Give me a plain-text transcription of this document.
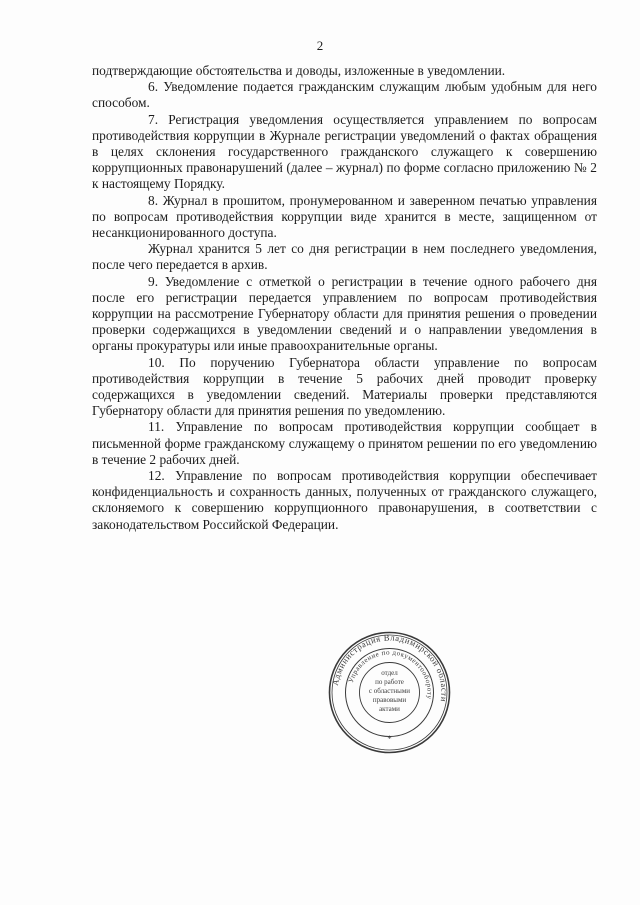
2

подтверждающие обстоятельства и доводы, изложенные в уведомлении.

6. Уведомление подается гражданским служащим любым удобным для него способом.

7. Регистрация уведомления осуществляется управлением по вопросам противодействия коррупции в Журнале регистрации уведомлений о фактах обращения в целях склонения государственного гражданского служащего к совершению коррупционных правонарушений (далее – журнал) по форме согласно приложению № 2 к настоящему Порядку.

8. Журнал в прошитом, пронумерованном и заверенном печатью управления по вопросам противодействия коррупции виде хранится в месте, защищенном от несанкционированного доступа.

Журнал хранится 5 лет со дня регистрации в нем последнего уведомления, после чего передается в архив.

9. Уведомление с отметкой о регистрации в течение одного рабочего дня после его регистрации передается управлением по вопросам противодействия коррупции на рассмотрение Губернатору области для принятия решения о проведении проверки содержащихся в уведомлении сведений и о направлении уведомления в органы прокуратуры или иные правоохранительные органы.

10. По поручению Губернатора области управление по вопросам противодействия коррупции в течение 5 рабочих дней проводит проверку содержащихся в уведомлении сведений. Материалы проверки представляются Губернатору области для принятия решения по уведомлению.

11. Управление по вопросам противодействия коррупции сообщает в письменной форме гражданскому служащему о принятом решении по его уведомлению в течение 2 рабочих дней.

12. Управление по вопросам противодействия коррупции обеспечивает конфиденциальность и сохранность данных, полученных от гражданского служащего, склоняемого к совершению коррупционного правонарушения, в соответствии с законодательством Российской Федерации.

Администрация Владимирской области
Управление по документообороту
отдел
по работе
с областными
правовыми
актами
*
